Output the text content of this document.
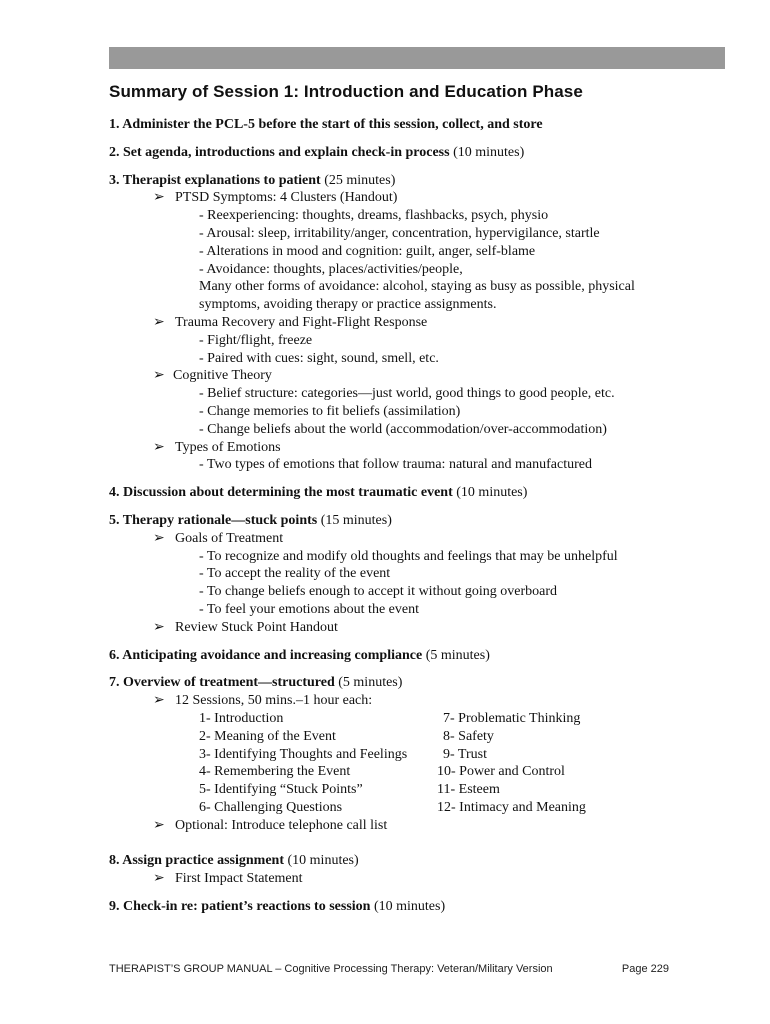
Summary of Session 1: Introduction and Education Phase
1. Administer the PCL-5 before the start of this session, collect, and store
2. Set agenda, introductions and explain check-in process (10 minutes)
3. Therapist explanations to patient (25 minutes)
➢ PTSD Symptoms: 4 Clusters (Handout)
- Reexperiencing: thoughts, dreams, flashbacks, psych, physio
- Arousal: sleep, irritability/anger, concentration, hypervigilance, startle
- Alterations in mood and cognition: guilt, anger, self-blame
- Avoidance: thoughts, places/activities/people,
Many other forms of avoidance: alcohol, staying as busy as possible, physical
symptoms, avoiding therapy or practice assignments.
➢ Trauma Recovery and Fight-Flight Response
- Fight/flight, freeze
- Paired with cues: sight, sound, smell, etc.
➢ Cognitive Theory
- Belief structure: categories—just world, good things to good people, etc.
- Change memories to fit beliefs (assimilation)
- Change beliefs about the world (accommodation/over-accommodation)
➢ Types of Emotions
- Two types of emotions that follow trauma: natural and manufactured
4. Discussion about determining the most traumatic event (10 minutes)
5. Therapy rationale—stuck points (15 minutes)
➢ Goals of Treatment
- To recognize and modify old thoughts and feelings that may be unhelpful
- To accept the reality of the event
- To change beliefs enough to accept it without going overboard
- To feel your emotions about the event
➢ Review Stuck Point Handout
6. Anticipating avoidance and increasing compliance (5 minutes)
7. Overview of treatment—structured (5 minutes)
➢ 12 Sessions, 50 mins.–1 hour each:
1- Introduction
2- Meaning of the Event
3- Identifying Thoughts and Feelings
4- Remembering the Event
5- Identifying “Stuck Points”
6- Challenging Questions
7- Problematic Thinking
8- Safety
9- Trust
10- Power and Control
11- Esteem
12- Intimacy and Meaning
➢ Optional: Introduce telephone call list
8. Assign practice assignment (10 minutes)
➢ First Impact Statement
9. Check-in re: patient’s reactions to session (10 minutes)
THERAPIST’S GROUP MANUAL – Cognitive Processing Therapy: Veteran/Military Version	Page 229
